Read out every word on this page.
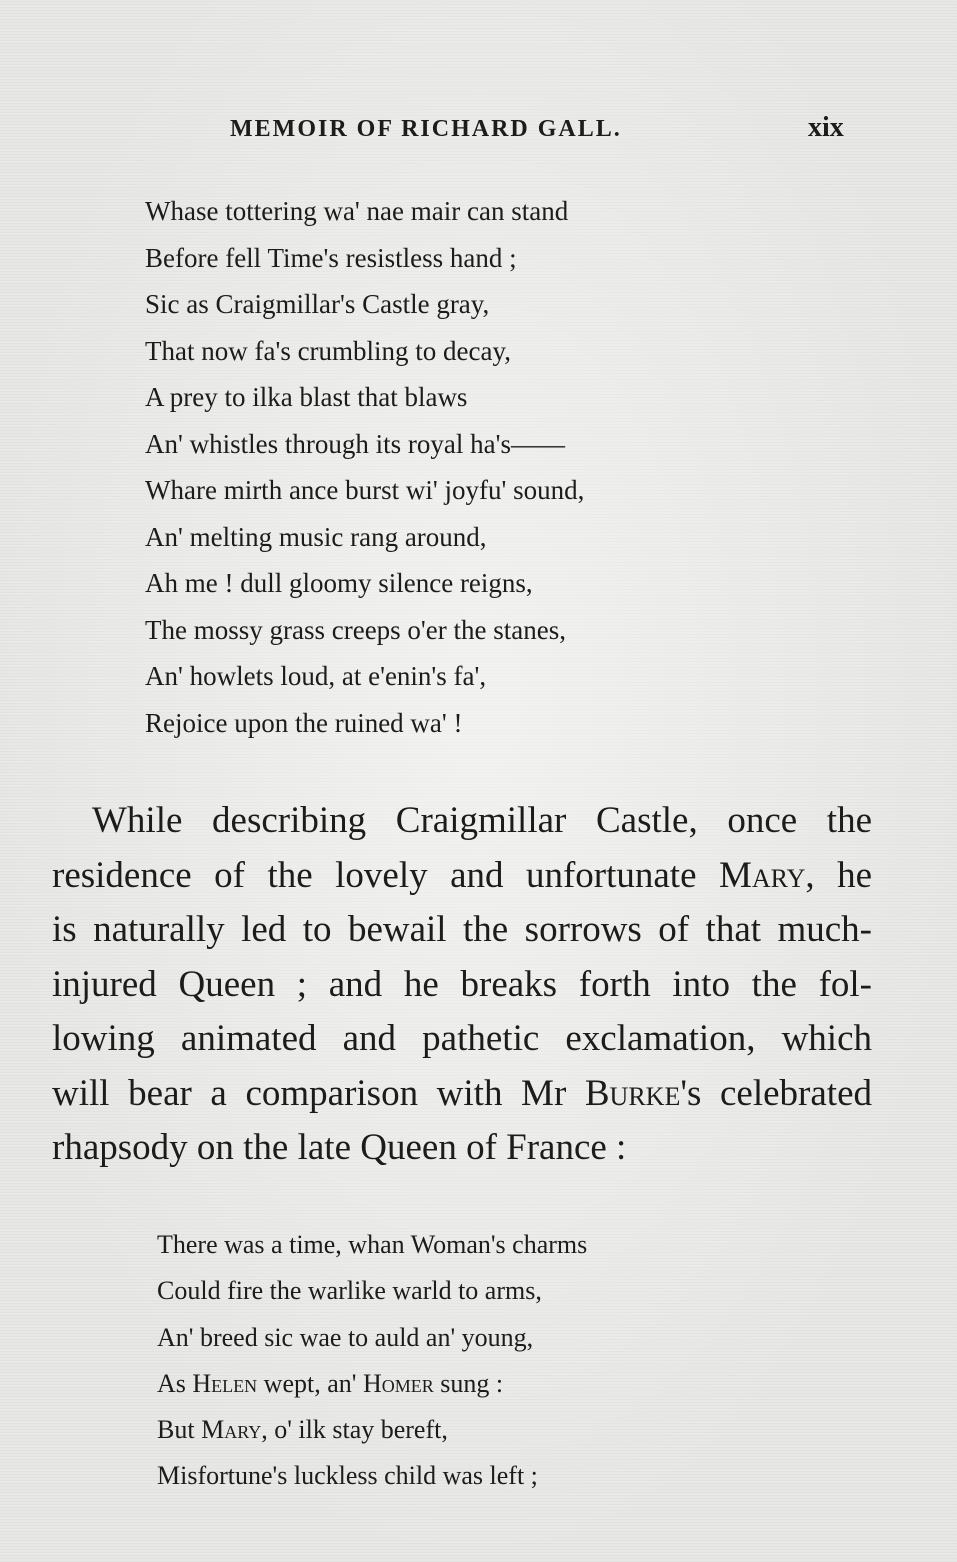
MEMOIR OF RICHARD GALL.	xix
Whase tottering wa' nae mair can stand
Before fell Time's resistless hand ;
Sic as Craigmillar's Castle gray,
That now fa's crumbling to decay,
A prey to ilka blast that blaws
An' whistles through its royal ha's——
Whare mirth ance burst wi' joyfu' sound,
An' melting music rang around,
Ah me ! dull gloomy silence reigns,
The mossy grass creeps o'er the stanes,
An' howlets loud, at e'enin's fa',
Rejoice upon the ruined wa' !
While describing Craigmillar Castle, once the
residence of the lovely and unfortunate Mary, he
is naturally led to bewail the sorrows of that much-
injured Queen ; and he breaks forth into the fol-
lowing animated and pathetic exclamation, which
will bear a comparison with Mr Burke's celebrated
rhapsody on the late Queen of France :
There was a time, whan Woman's charms
Could fire the warlike warld to arms,
An' breed sic wae to auld an' young,
As Helen wept, an' Homer sung :
But Mary, o' ilk stay bereft,
Misfortune's luckless child was left ;
